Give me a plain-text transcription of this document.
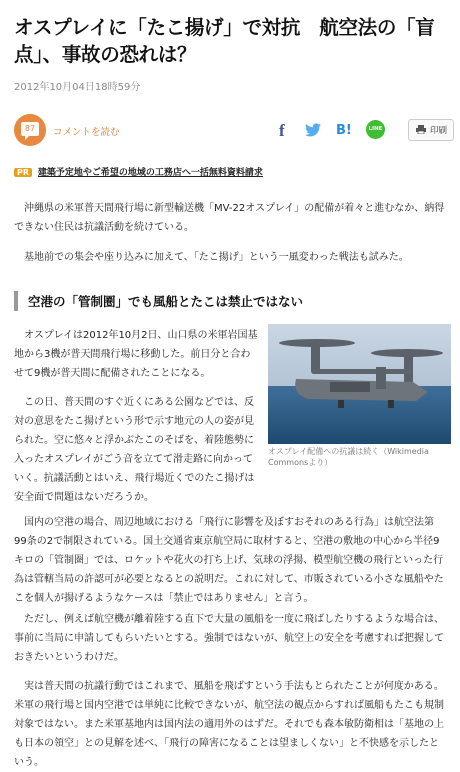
オスプレイに「たこ揚げ」で対抗　航空法の「盲点」、事故の恐れは？
2012年10月04日18時59分
87	コメントを読む	f	B!	LINE	印刷
PR 建築予定地やご希望の地域の工務店へ一括無料資料請求

沖縄県の米軍普天間飛行場に新型輸送機「MV-22オスプレイ」の配備が着々と進むなか、納得できない住民は抗議活動を続けている。

基地前での集会や座り込みに加えて、「たこ揚げ」という一風変わった戦法も試みた。

空港の「管制圏」でも風船とたこは禁止ではない

オスプレイは2012年10月2日、山口県の米軍岩国基地から3機が普天間飛行場に移動した。前日分と合わせて9機が普天間に配備されたことになる。

オスプレイ配備への抗議は続く（Wikimedia Commonsより）

この日、普天間のすぐ近くにある公園などでは、反対の意思をたこ揚げという形で示す地元の人の姿が見られた。空に悠々と浮かぶたこのそばを、着陸態勢に入ったオスプレイがごう音を立てて滑走路に向かっていく。抗議活動とはいえ、飛行場近くでのたこ揚げは安全面で問題はないだろうか。

国内の空港の場合、周辺地域における「飛行に影響を及ぼすおそれのある行為」は航空法第99条の2で制限されている。国土交通省東京航空局に取材すると、空港の敷地の中心から半径9キロの「管制圏」では、ロケットや花火の打ち上げ、気球の浮揚、模型航空機の飛行といった行為は管轄当局の許認可が必要となるとの説明だ。これに対して、市販されている小さな風船やたこを個人が揚げるようなケースは「禁止ではありません」と言う。

ただし、例えば航空機が離着陸する直下で大量の風船を一度に飛ばしたりするような場合は、事前に当局に申請してもらいたいとする。強制ではないが、航空上の安全を考慮すれば把握しておきたいというわけだ。

実は普天間の抗議行動ではこれまで、風船を飛ばすという手法もとられたことが何度かある。米軍の飛行場と国内空港では単純に比較できないが、航空法の観点からすれば風船もたこも規制対象ではない。また米軍基地内は国内法の適用外のはずだ。それでも森本敏防衛相は「基地の上も日本の領空」との見解を述べ、「飛行の障害になることは望ましくない」と不快感を示したという。
